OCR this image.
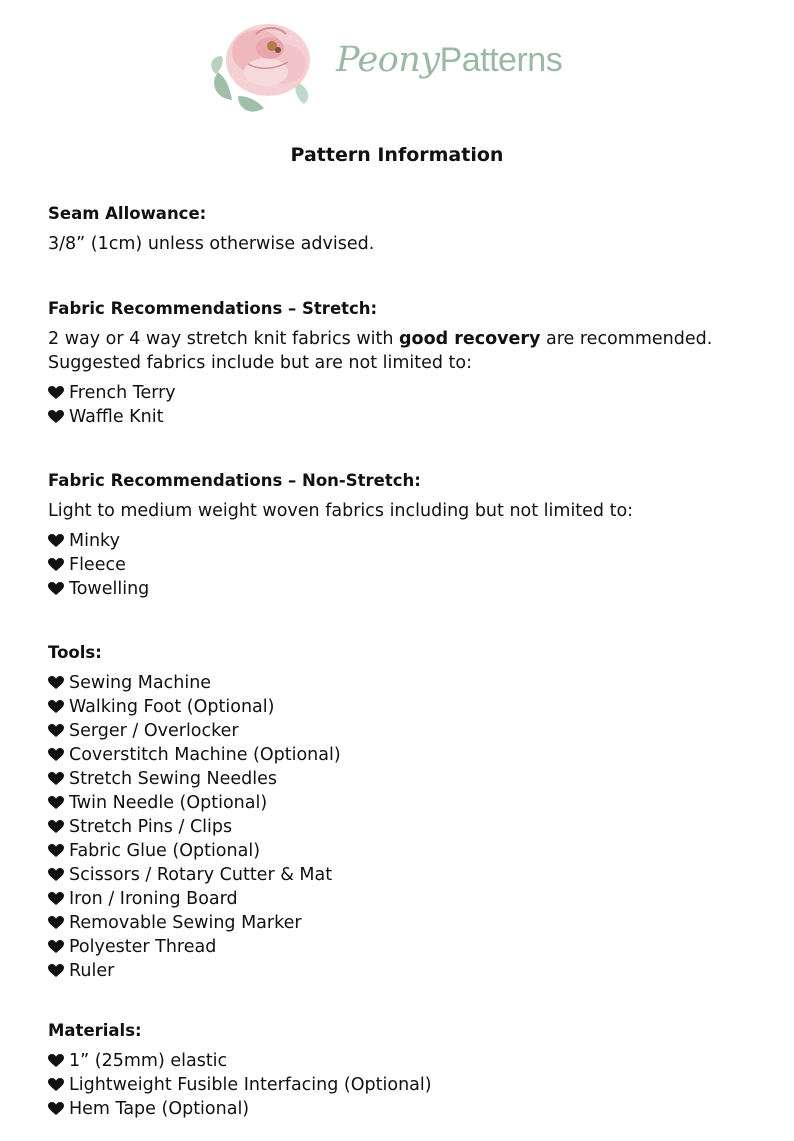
PeonyPatterns
Pattern Information
Seam Allowance:
3/8” (1cm) unless otherwise advised.
Fabric Recommendations – Stretch:
2 way or 4 way stretch knit fabrics with good recovery are recommended. Suggested fabrics include but are not limited to:
French Terry
Waffle Knit
Fabric Recommendations – Non-Stretch:
Light to medium weight woven fabrics including but not limited to:
Minky
Fleece
Towelling
Tools:
Sewing Machine
Walking Foot (Optional)
Serger / Overlocker
Coverstitch Machine (Optional)
Stretch Sewing Needles
Twin Needle (Optional)
Stretch Pins / Clips
Fabric Glue (Optional)
Scissors / Rotary Cutter & Mat
Iron / Ironing Board
Removable Sewing Marker
Polyester Thread
Ruler
Materials:
1” (25mm) elastic
Lightweight Fusible Interfacing (Optional)
Hem Tape (Optional)
